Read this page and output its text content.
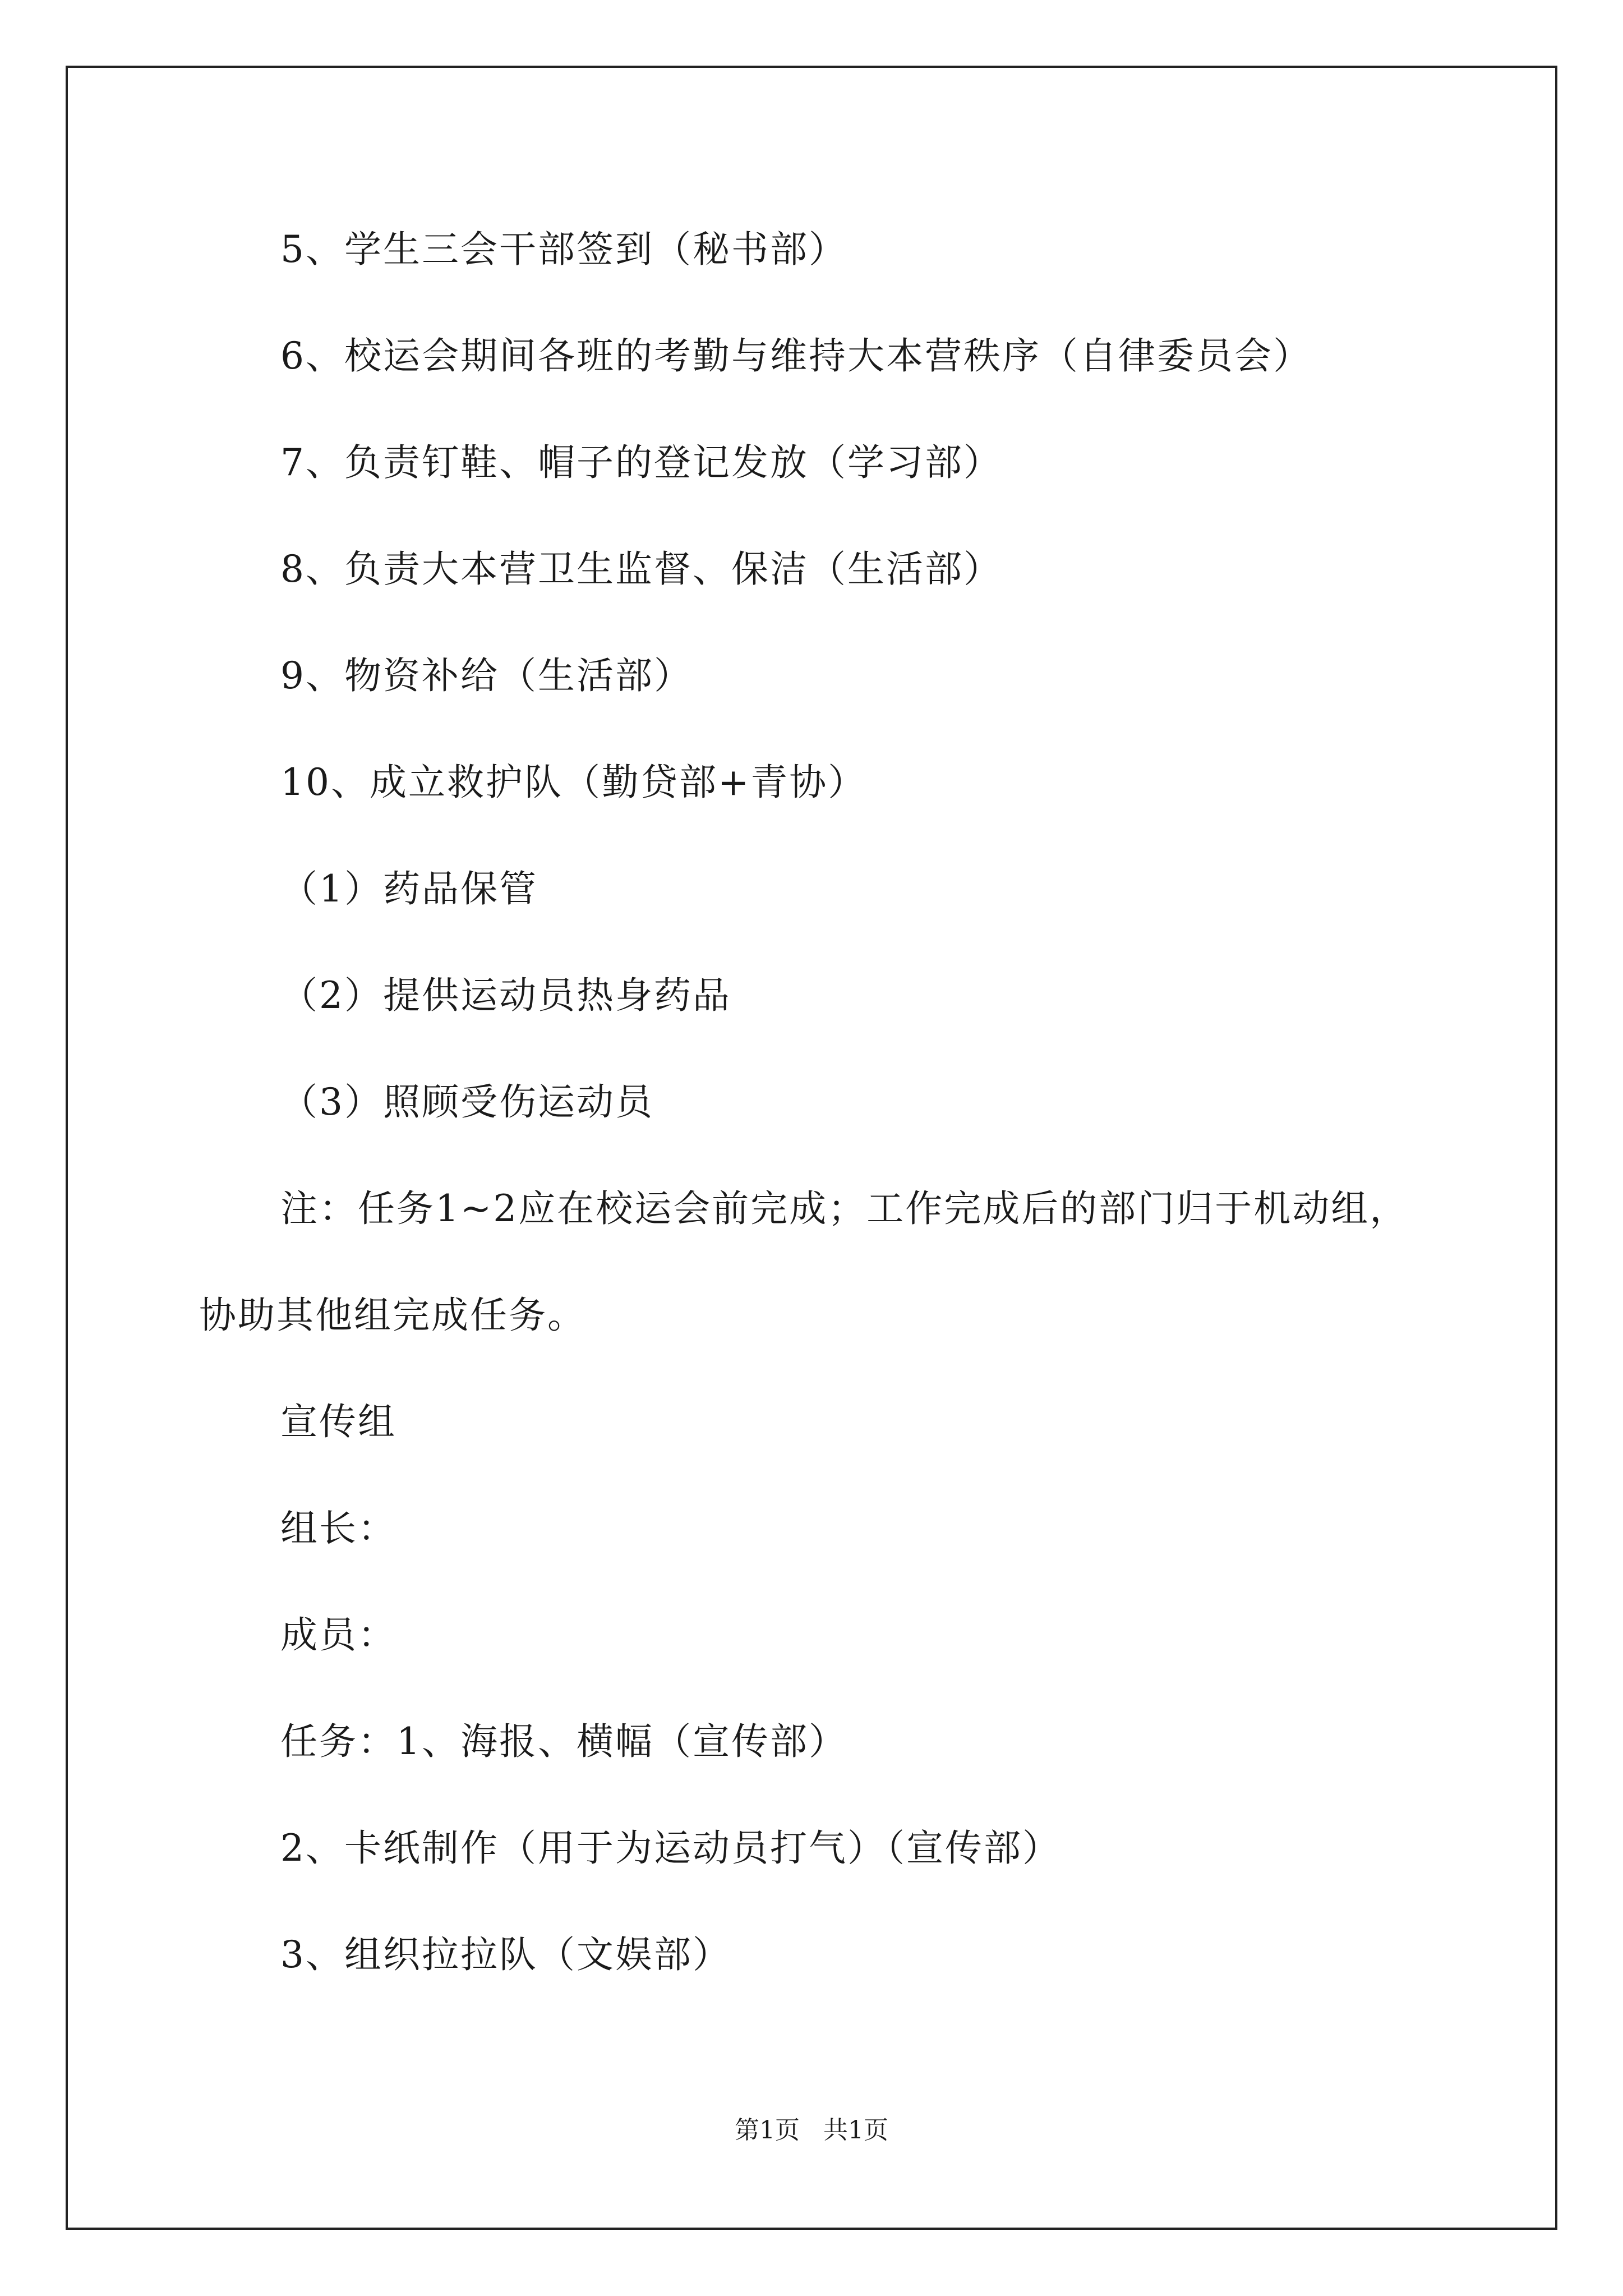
5、学生三会干部签到（秘书部）
6、校运会期间各班的考勤与维持大本营秩序（自律委员会）
7、负责钉鞋、帽子的登记发放（学习部）
8、负责大本营卫生监督、保洁（生活部）
9、物资补给（生活部）
10、成立救护队（勤贷部+青协）
（1）药品保管
（2）提供运动员热身药品
（3）照顾受伤运动员
注：任务1~2应在校运会前完成；工作完成后的部门归于机动组，
协助其他组完成任务。
宣传组
组长：
成员：
任务：1、海报、横幅（宣传部）
2、卡纸制作（用于为运动员打气）（宣传部）
3、组织拉拉队（文娱部）
第1页   共1页
